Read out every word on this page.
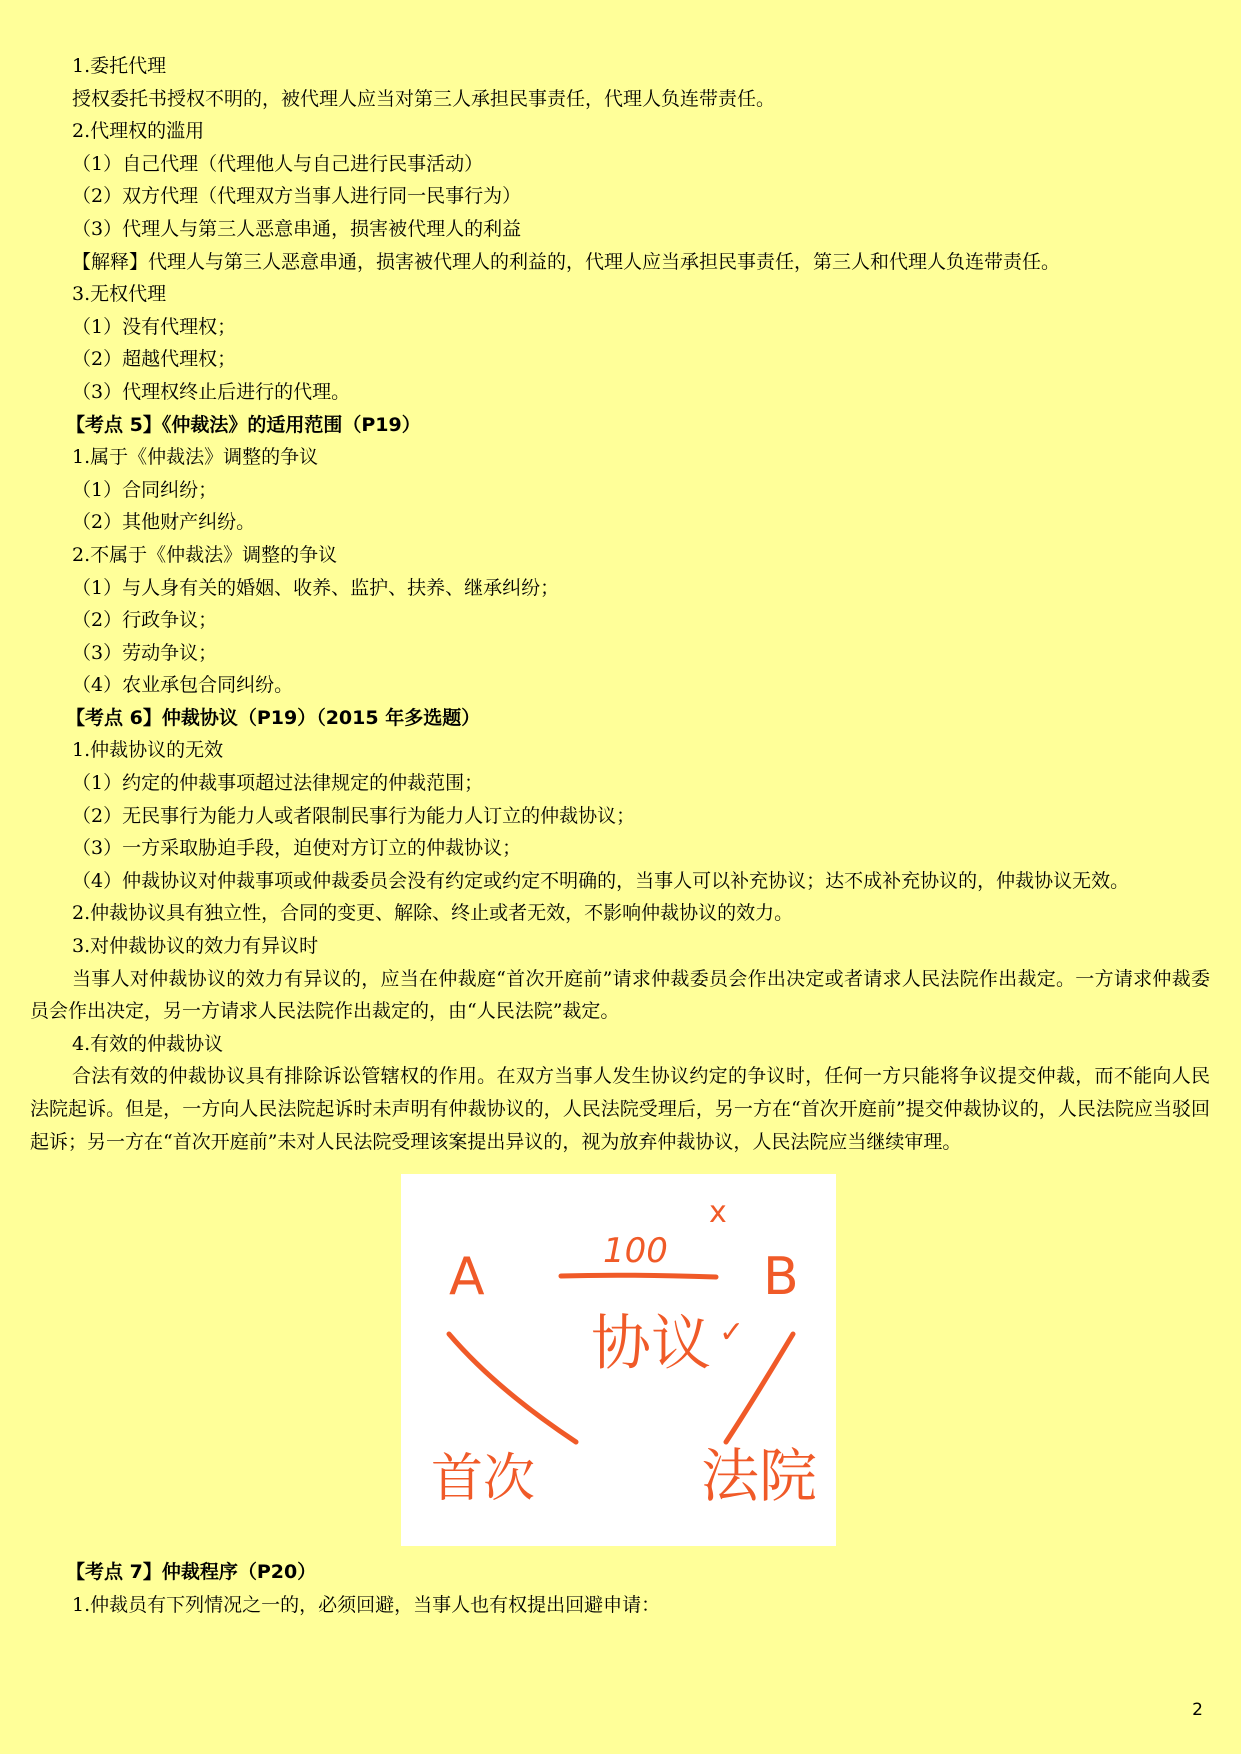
1.委托代理
授权委托书授权不明的，被代理人应当对第三人承担民事责任，代理人负连带责任。
2.代理权的滥用
（1）自己代理（代理他人与自己进行民事活动）
（2）双方代理（代理双方当事人进行同一民事行为）
（3）代理人与第三人恶意串通，损害被代理人的利益
【解释】代理人与第三人恶意串通，损害被代理人的利益的，代理人应当承担民事责任，第三人和代理人负连带责任。
3.无权代理
（1）没有代理权；
（2）超越代理权；
（3）代理权终止后进行的代理。
【考点 5】《仲裁法》的适用范围（P19）
1.属于《仲裁法》调整的争议
（1）合同纠纷；
（2）其他财产纠纷。
2.不属于《仲裁法》调整的争议
（1）与人身有关的婚姻、收养、监护、扶养、继承纠纷；
（2）行政争议；
（3）劳动争议；
（4）农业承包合同纠纷。
【考点 6】仲裁协议（P19）（2015 年多选题）
1.仲裁协议的无效
（1）约定的仲裁事项超过法律规定的仲裁范围；
（2）无民事行为能力人或者限制民事行为能力人订立的仲裁协议；
（3）一方采取胁迫手段，迫使对方订立的仲裁协议；
（4）仲裁协议对仲裁事项或仲裁委员会没有约定或约定不明确的，当事人可以补充协议；达不成补充协议的，仲裁协议无效。
2.仲裁协议具有独立性，合同的变更、解除、终止或者无效，不影响仲裁协议的效力。
3.对仲裁协议的效力有异议时
当事人对仲裁协议的效力有异议的，应当在仲裁庭“首次开庭前”请求仲裁委员会作出决定或者请求人民法院作出裁定。一方请求仲裁委员会作出决定，另一方请求人民法院作出裁定的，由“人民法院”裁定。
4.有效的仲裁协议
合法有效的仲裁协议具有排除诉讼管辖权的作用。在双方当事人发生协议约定的争议时，任何一方只能将争议提交仲裁，而不能向人民法院起诉。但是，一方向人民法院起诉时未声明有仲裁协议的，人民法院受理后，另一方在“首次开庭前”提交仲裁协议的，人民法院应当驳回起诉；另一方在“首次开庭前”未对人民法院受理该案提出异议的，视为放弃仲裁协议，人民法院应当继续审理。
A	B
100
x
协议 ✓
首次	法院
【考点 7】仲裁程序（P20）
1.仲裁员有下列情况之一的，必须回避，当事人也有权提出回避申请：
2
